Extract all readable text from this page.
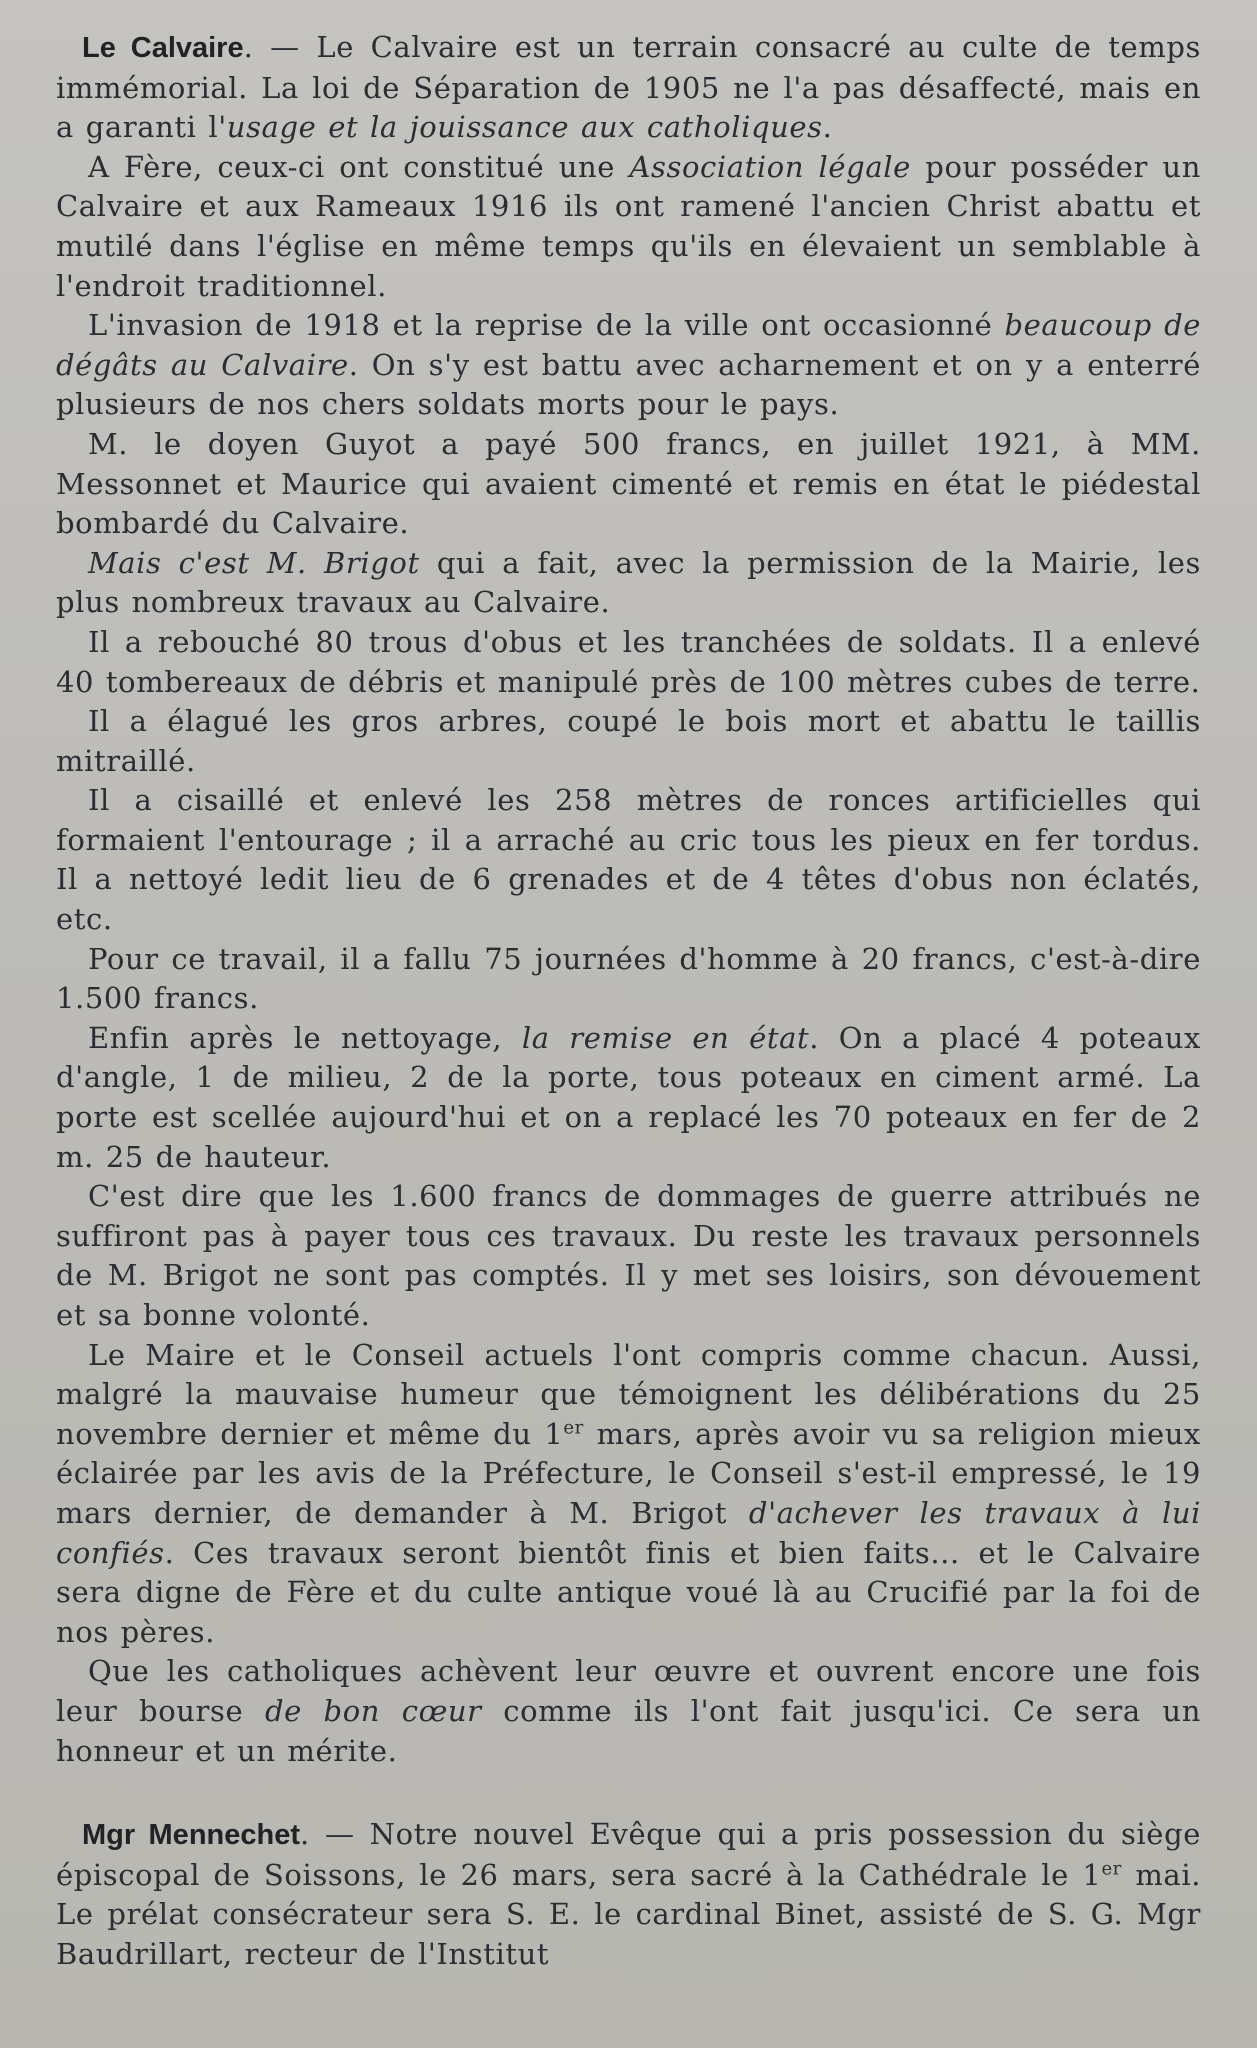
Le Calvaire. — Le Calvaire est un terrain consacré au culte de temps immémorial. La loi de Séparation de 1905 ne l'a pas désaffecté, mais en a garanti l'usage et la jouissance aux catholiques.

A Fère, ceux-ci ont constitué une Association légale pour posséder un Calvaire et aux Rameaux 1916 ils ont ramené l'ancien Christ abattu et mutilé dans l'église en même temps qu'ils en élevaient un semblable à l'endroit traditionnel.

L'invasion de 1918 et la reprise de la ville ont occasionné beaucoup de dégâts au Calvaire. On s'y est battu avec acharnement et on y a enterré plusieurs de nos chers soldats morts pour le pays.

M. le doyen Guyot a payé 500 francs, en juillet 1921, à MM. Messonnet et Maurice qui avaient cimenté et remis en état le piédestal bombardé du Calvaire.

Mais c'est M. Brigot qui a fait, avec la permission de la Mairie, les plus nombreux travaux au Calvaire.

Il a rebouché 80 trous d'obus et les tranchées de soldats. Il a enlevé 40 tombereaux de débris et manipulé près de 100 mètres cubes de terre.

Il a élagué les gros arbres, coupé le bois mort et abattu le taillis mitraillé.

Il a cisaillé et enlevé les 258 mètres de ronces artificielles qui formaient l'entourage ; il a arraché au cric tous les pieux en fer tordus. Il a nettoyé ledit lieu de 6 grenades et de 4 têtes d'obus non éclatés, etc.

Pour ce travail, il a fallu 75 journées d'homme à 20 francs, c'est-à-dire 1.500 francs.

Enfin après le nettoyage, la remise en état. On a placé 4 poteaux d'angle, 1 de milieu, 2 de la porte, tous poteaux en ciment armé. La porte est scellée aujourd'hui et on a replacé les 70 poteaux en fer de 2 m. 25 de hauteur.

C'est dire que les 1.600 francs de dommages de guerre attribués ne suffiront pas à payer tous ces travaux. Du reste les travaux personnels de M. Brigot ne sont pas comptés. Il y met ses loisirs, son dévouement et sa bonne volonté.

Le Maire et le Conseil actuels l'ont compris comme chacun. Aussi, malgré la mauvaise humeur que témoignent les délibérations du 25 novembre dernier et même du 1er mars, après avoir vu sa religion mieux éclairée par les avis de la Préfecture, le Conseil s'est-il empressé, le 19 mars dernier, de demander à M. Brigot d'achever les travaux à lui confiés. Ces travaux seront bientôt finis et bien faits... et le Calvaire sera digne de Fère et du culte antique voué là au Crucifié par la foi de nos pères.

Que les catholiques achèvent leur œuvre et ouvrent encore une fois leur bourse de bon cœur comme ils l'ont fait jusqu'ici. Ce sera un honneur et un mérite.

Mgr Mennechet. — Notre nouvel Evêque qui a pris possession du siège épiscopal de Soissons, le 26 mars, sera sacré à la Cathédrale le 1er mai. Le prélat consécrateur sera S. E. le cardinal Binet, assisté de S. G. Mgr Baudrillart, recteur de l'Institut
